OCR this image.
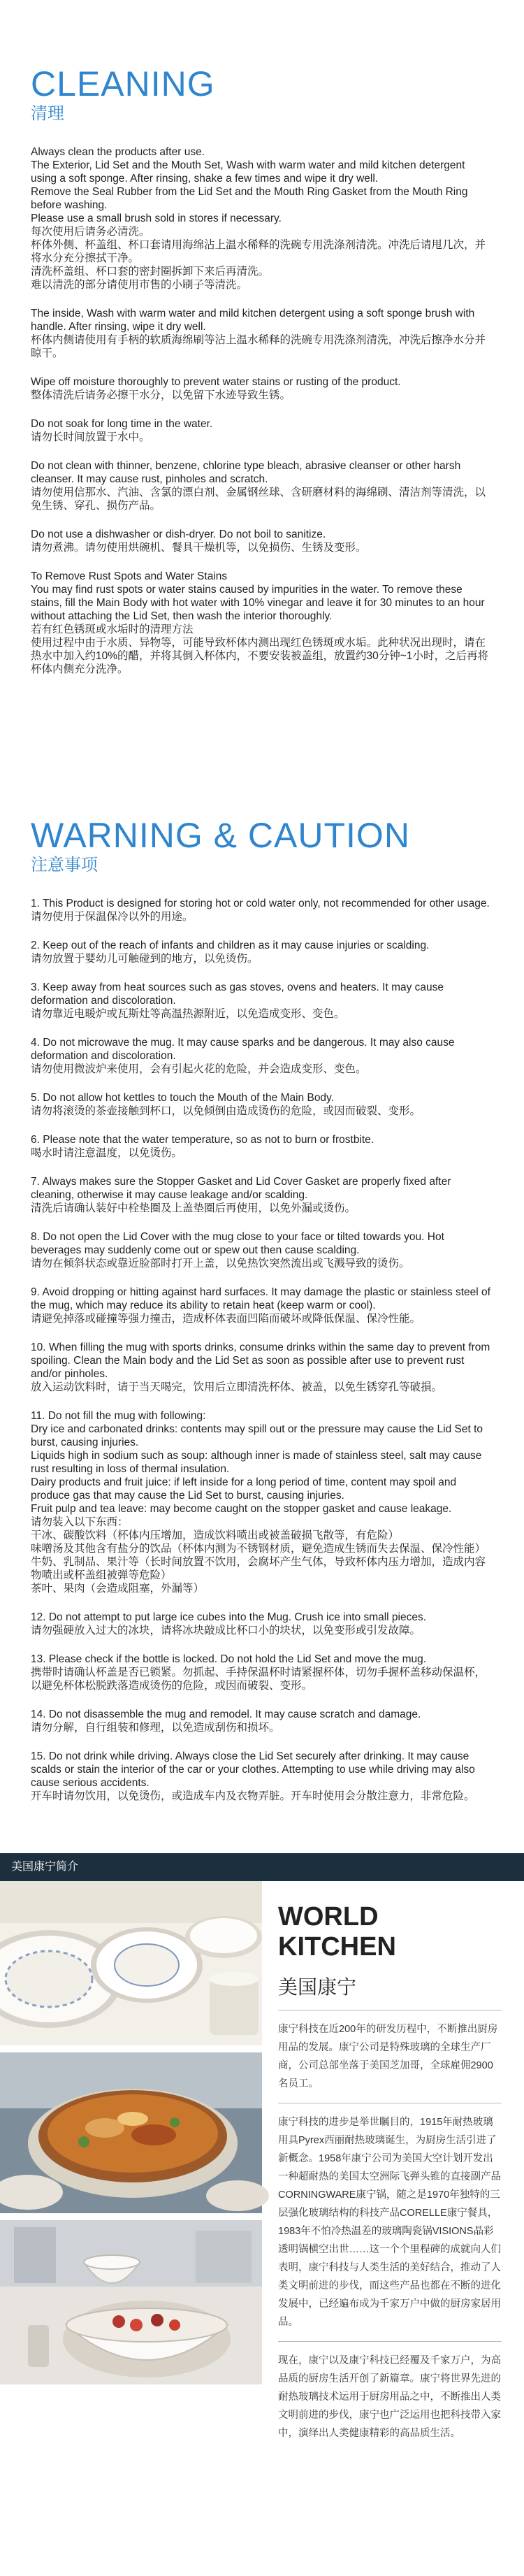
CLEANING
清理
Always clean the products after use.
The Exterior, Lid Set and the Mouth Set, Wash with warm water and mild kitchen detergent using a soft sponge. After rinsing, shake a few times and wipe it dry well.
Remove the Seal Rubber from the Lid Set and the Mouth Ring Gasket from the Mouth Ring before washing.
Please use a small brush sold in stores if necessary.
每次使用后请务必清洗。
杯体外侧、杯盖组、杯口套请用海绵沾上温水稀释的洗碗专用洗涤剂清洗。冲洗后请甩几次，并将水分充分擦拭干净。
清洗杯盖组、杯口套的密封圈拆卸下来后再清洗。
难以清洗的部分请使用市售的小刷子等清洗。
The inside, Wash with warm water and mild kitchen detergent using a soft sponge brush with handle. After rinsing, wipe it dry well.
杯体内侧请使用有手柄的软质海绵刷等沾上温水稀释的洗碗专用洗涤剂清洗，冲洗后擦净水分并晾干。
Wipe off moisture thoroughly to prevent water stains or rusting of the product.
整体清洗后请务必擦干水分，以免留下水迹导致生锈。
Do not soak for long time in the water.
请勿长时间放置于水中。
Do not clean with thinner, benzene, chlorine type bleach, abrasive cleanser or other harsh cleanser. It may cause rust, pinholes and scratch.
请勿使用信那水、汽油、含氯的漂白剂、金属钢丝球、含研磨材料的海绵刷、清洁剂等清洗，以免生锈、穿孔、损伤产品。
Do not use a dishwasher or dish-dryer. Do not boil to sanitize.
请勿煮沸。请勿使用烘碗机、餐具干燥机等，以免损伤、生锈及变形。
To Remove Rust Spots and Water Stains
You may find rust spots or water stains caused by impurities in the water. To remove these stains, fill the Main Body with hot water with 10% vinegar and leave it for 30 minutes to an hour without attaching the Lid Set, then wash the interior thoroughly.
若有红色锈斑或水垢时的清理方法
使用过程中由于水质、异物等，可能导致杯体内测出现红色锈斑或水垢。此种状况出现时，请在热水中加入约10%的醋，并将其倒入杯体内，不要安装被盖组，放置约30分钟~1小时，之后再将杯体内侧充分洗净。
WARNING & CAUTION
注意事项
1. This Product is designed for storing hot or cold water only, not recommended for other usage.
请勿使用于保温保冷以外的用途。
2. Keep out of the reach of infants and children as it may cause injuries or scalding.
请勿放置于婴幼儿可触碰到的地方，以免烫伤。
3. Keep away from heat sources such as gas stoves, ovens and heaters. It may cause deformation and discoloration.
请勿靠近电暖炉或瓦斯灶等高温热源附近，以免造成变形、变色。
4. Do not microwave the mug. It may cause sparks and be dangerous. It may also cause deformation and discoloration.
请勿使用微波炉来使用，会有引起火花的危险，并会造成变形、变色。
5. Do not allow hot kettles to touch the Mouth of the Main Body.
请勿将滚烫的茶壶接触到杯口，以免倾倒由造成烫伤的危险，或因而破裂、变形。
6. Please note that the water temperature, so as not to burn or frostbite.
喝水时请注意温度，以免烫伤。
7. Always makes sure the Stopper Gasket and Lid Cover Gasket are properly fixed after cleaning, otherwise it may cause leakage and/or scalding.
清洗后请确认装好中栓垫圈及上盖垫圈后再使用，以免外漏或烫伤。
8. Do not open the Lid Cover with the mug close to your face or tilted towards you. Hot beverages may suddenly come out or spew out then cause scalding.
请勿在倾斜状态或靠近脸部时打开上盖，以免热饮突然流出或飞溅导致的烫伤。
9. Avoid dropping or hitting against hard surfaces. It may damage the plastic or stainless steel of the mug, which may reduce its ability to retain heat (keep warm or cool).
请避免掉落或碰撞等强力撞击，造成杯体表面凹陷而破坏或降低保温、保冷性能。
10. When filling the mug with sports drinks, consume drinks within the same day to prevent from spoiling. Clean the Main body and the Lid Set as soon as possible after use to prevent rust and/or pinholes.
放入运动饮料时，请于当天喝完，饮用后立即清洗杯体、被盖，以免生锈穿孔等破損。
11. Do not fill the mug with following:
Dry ice and carbonated drinks: contents may spill out or the pressure may cause the Lid Set to burst, causing injuries.
Liquids high in sodium such as soup: although inner is made of stainless steel, salt may cause rust resulting in loss of thermal insulation.
Dairy products and fruit juice: if left inside for a long period of time, content may spoil and produce gas that may cause the Lid Set to burst, causing injuries.
Fruit pulp and tea leave: may become caught on the stopper gasket and cause leakage.
请勿装入以下东西：
干冰、碳酸饮料（杯体内压增加，造成饮料喷出或被盖破损飞散等，有危险）
味噌汤及其他含有盐分的饮品（杯体内测为不锈钢材质，避免造成生锈而失去保温、保冷性能）
牛奶、乳制品、果汁等（长时间放置不饮用，会腐坏产生气体，导致杯体内压力增加，造成内容物喷出或杯盖组被弹等危险）
茶叶、果肉（会造成阻塞，外漏等）
12. Do not attempt to put large ice cubes into the Mug. Crush ice into small pieces.
请勿强硬放入过大的冰块，请将冰块敲成比杯口小的块状，以免变形或引发故障。
13. Please check if the bottle is locked. Do not hold the Lid Set and move the mug.
携带时请确认杯盖是否已锁紧。勿抓起、手持保温杯时请紧握杯体，切勿手握杯盖移动保温杯，以避免杯体松脱跌落造成烫伤的危险，或因而破裂、变形。
14. Do not disassemble the mug and remodel. It may cause scratch and damage.
请勿分解，自行组装和修理，以免造成刮伤和损坏。
15. Do not drink while driving. Always close the Lid Set securely after drinking. It may cause scalds or stain the interior of the car or your clothes. Attempting to use while driving may also cause serious accidents.
开车时请勿饮用，以免烫伤，或造成车内及衣物弄脏。开车时使用会分散注意力，非常危险。
美国康宁简介
WORLD KITCHEN
美国康宁

康宁科技在近200年的研发历程中，不断推出厨房用品的发展。康宁公司是特殊玻璃的全球生产厂商，公司总部坐落于美国芝加哥，全球雇佣2900名员工。

康宁科技的进步是举世瞩目的，1915年耐热玻璃用具Pyrex西丽耐热玻璃诞生，为厨房生活引进了新概念。1958年康宁公司为美国大空计划开发出一种超耐热的美国太空洲际飞弹头锥的直接副产品CORNINGWARE康宁锅，随之是1970年独特的三层强化玻璃结构的科技产品CORELLE康宁餐具，1983年不怕冷热温差的玻璃陶瓷锅VISIONS晶彩透明锅横空出世……这一个个里程碑的成就向人们表明，康宁科技与人类生活的美好结合，推动了人类文明前进的步伐，而这些产品也都在不断的进化发展中，已经遍布成为千家万户中做的厨房家居用品。

现在，康宁以及康宁科技已经覆及千家万户，为高品质的厨房生活开创了新篇章。康宁将世界先进的耐热玻璃技术运用于厨房用品之中，不断推出人类文明前进的步伐，康宁也广泛运用也把科技带入家中，演绎出人类健康精彩的高品质生活。
